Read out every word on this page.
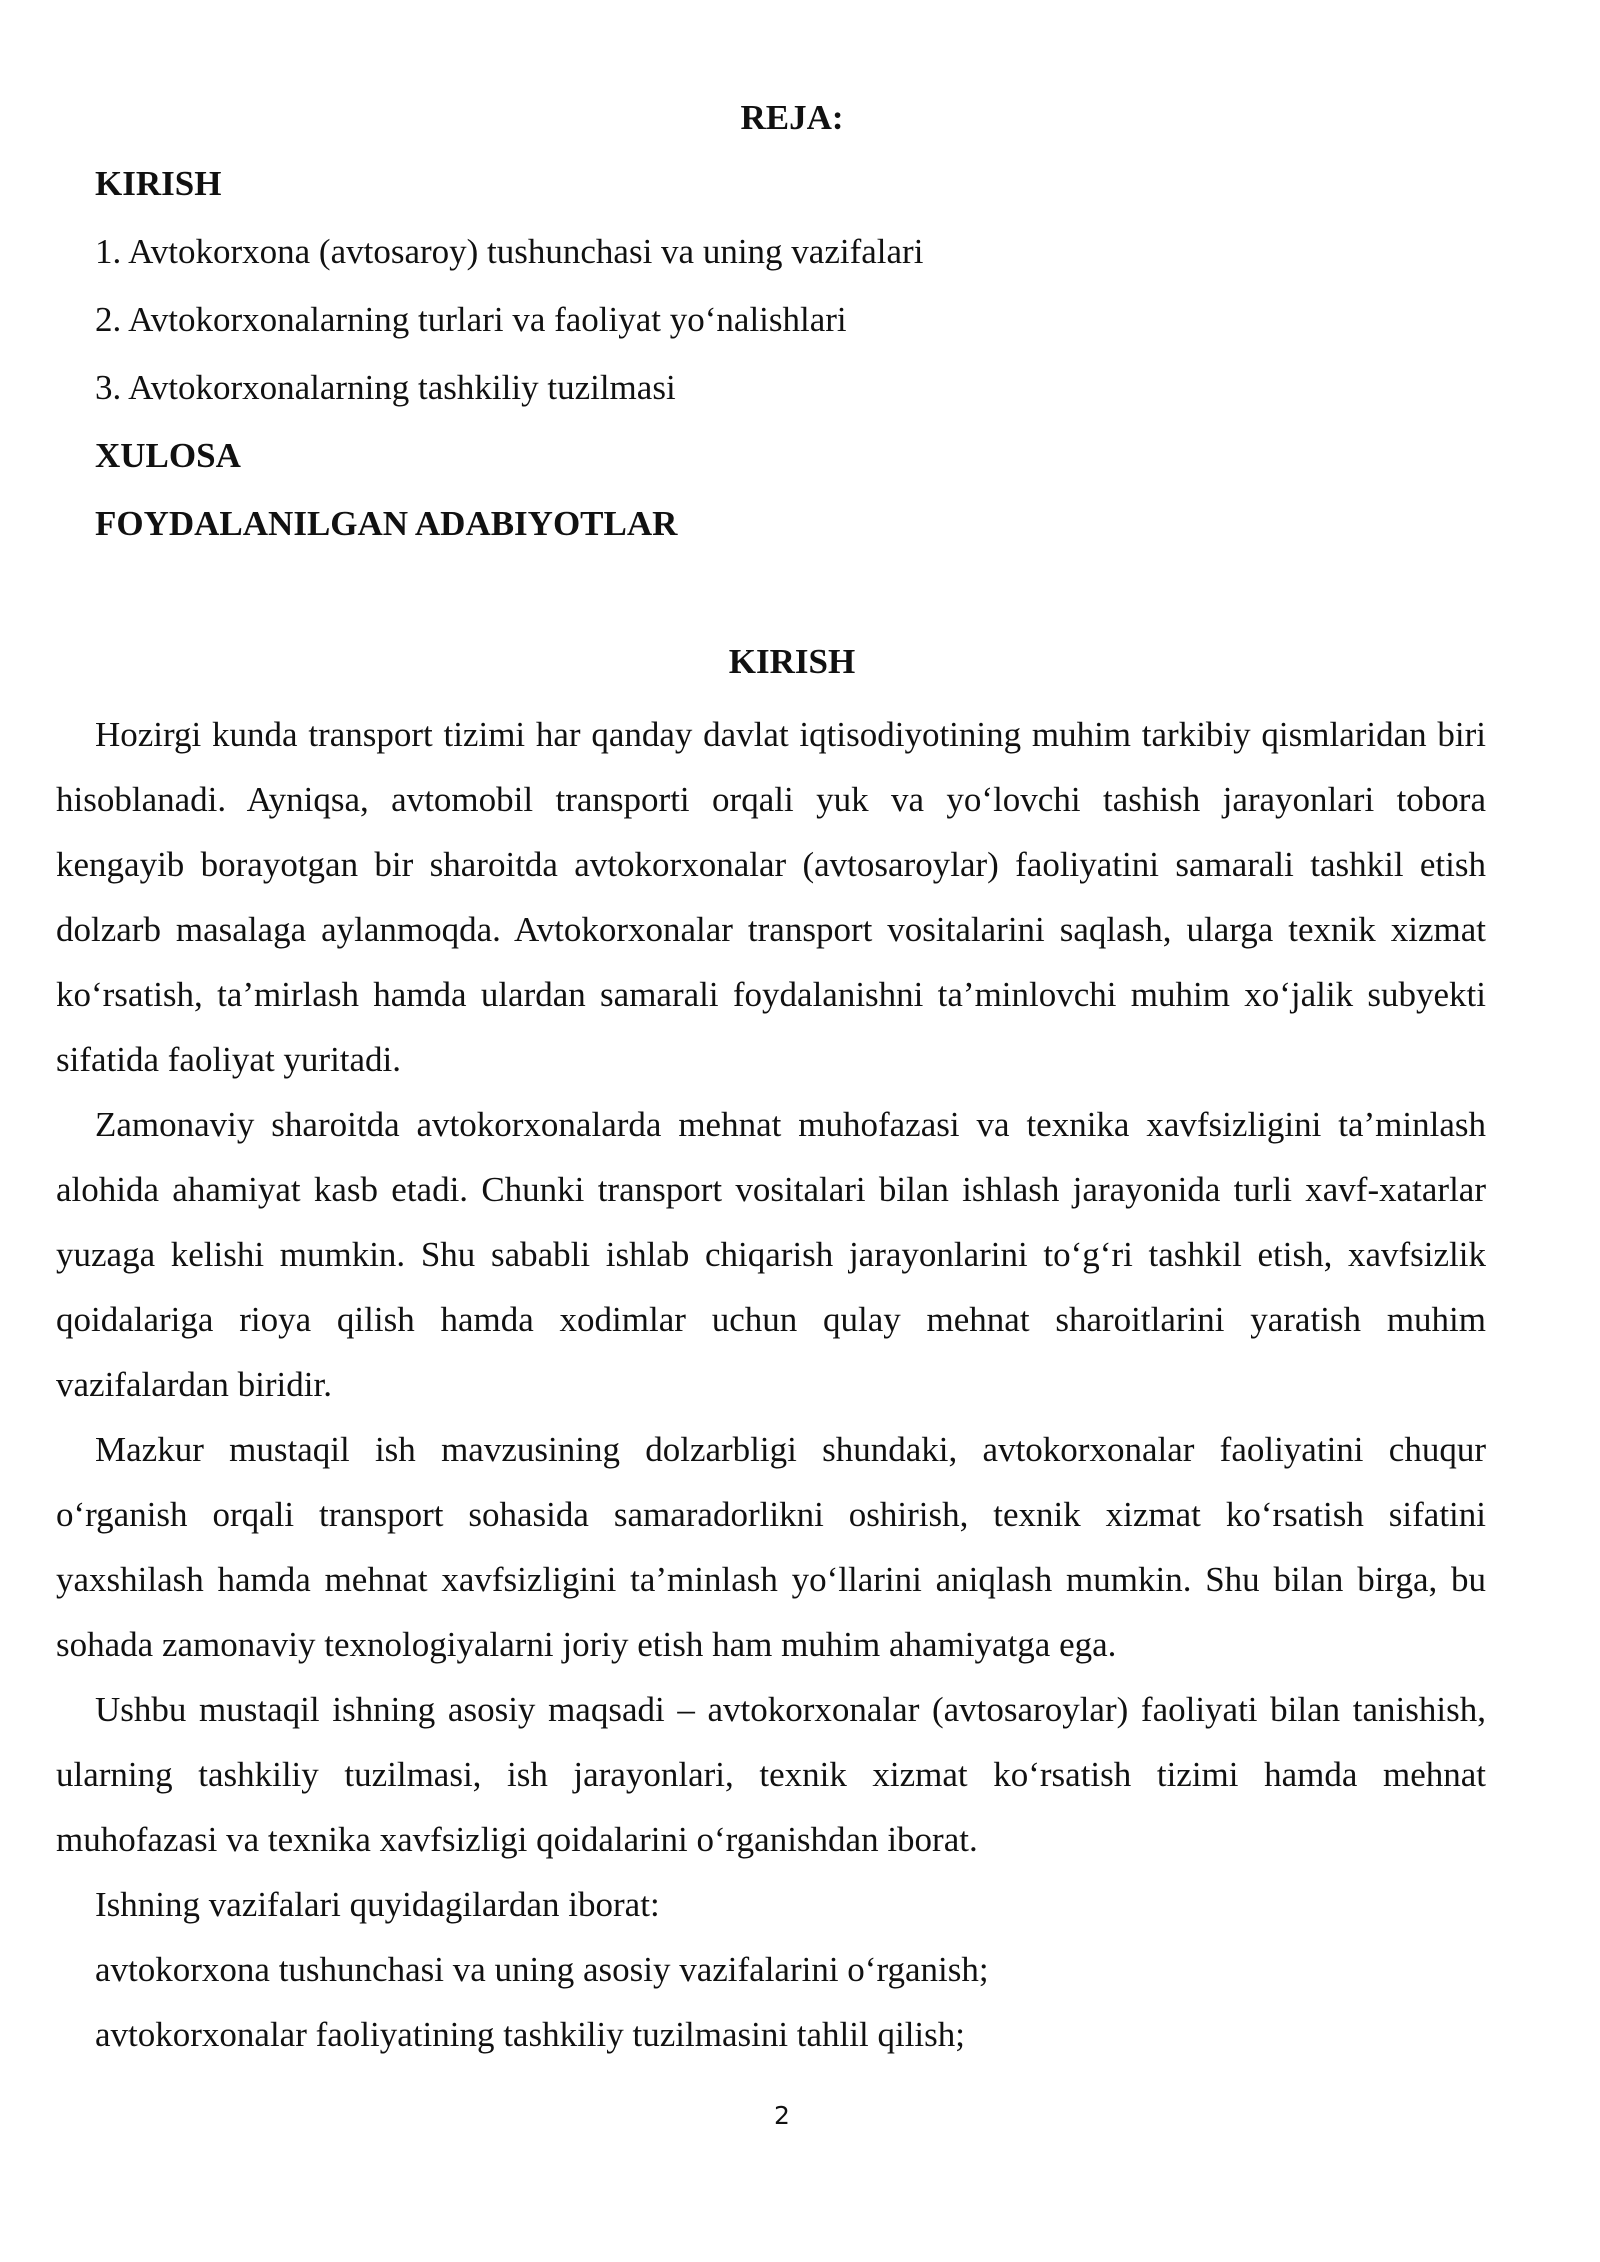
REJA:
KIRISH
1. Avtokorxona (avtosaroy) tushunchasi va uning vazifalari
2. Avtokorxonalarning turlari va faoliyat yo‘nalishlari
3. Avtokorxonalarning tashkiliy tuzilmasi
XULOSA
FOYDALANILGAN ADABIYOTLAR
KIRISH

Hozirgi kunda transport tizimi har qanday davlat iqtisodiyotining muhim tarkibiy qismlaridan biri hisoblanadi. Ayniqsa, avtomobil transporti orqali yuk va yo‘lovchi tashish jarayonlari tobora kengayib borayotgan bir sharoitda avtokorxonalar (avtosaroylar) faoliyatini samarali tashkil etish dolzarb masalaga aylanmoqda. Avtokorxonalar transport vositalarini saqlash, ularga texnik xizmat ko‘rsatish, ta’mirlash hamda ulardan samarali foydalanishni ta’minlovchi muhim xo‘jalik subyekti sifatida faoliyat yuritadi.

Zamonaviy sharoitda avtokorxonalarda mehnat muhofazasi va texnika xavfsizligini ta’minlash alohida ahamiyat kasb etadi. Chunki transport vositalari bilan ishlash jarayonida turli xavf-xatarlar yuzaga kelishi mumkin. Shu sababli ishlab chiqarish jarayonlarini to‘g‘ri tashkil etish, xavfsizlik qoidalariga rioya qilish hamda xodimlar uchun qulay mehnat sharoitlarini yaratish muhim vazifalardan biridir.

Mazkur mustaqil ish mavzusining dolzarbligi shundaki, avtokorxonalar faoliyatini chuqur o‘rganish orqali transport sohasida samaradorlikni oshirish, texnik xizmat ko‘rsatish sifatini yaxshilash hamda mehnat xavfsizligini ta’minlash yo‘llarini aniqlash mumkin. Shu bilan birga, bu sohada zamonaviy texnologiyalarni joriy etish ham muhim ahamiyatga ega.

Ushbu mustaqil ishning asosiy maqsadi – avtokorxonalar (avtosaroylar) faoliyati bilan tanishish, ularning tashkiliy tuzilmasi, ish jarayonlari, texnik xizmat ko‘rsatish tizimi hamda mehnat muhofazasi va texnika xavfsizligi qoidalarini o‘rganishdan iborat.

Ishning vazifalari quyidagilardan iborat:

avtokorxona tushunchasi va uning asosiy vazifalarini o‘rganish;

avtokorxonalar faoliyatining tashkiliy tuzilmasini tahlil qilish;

2
